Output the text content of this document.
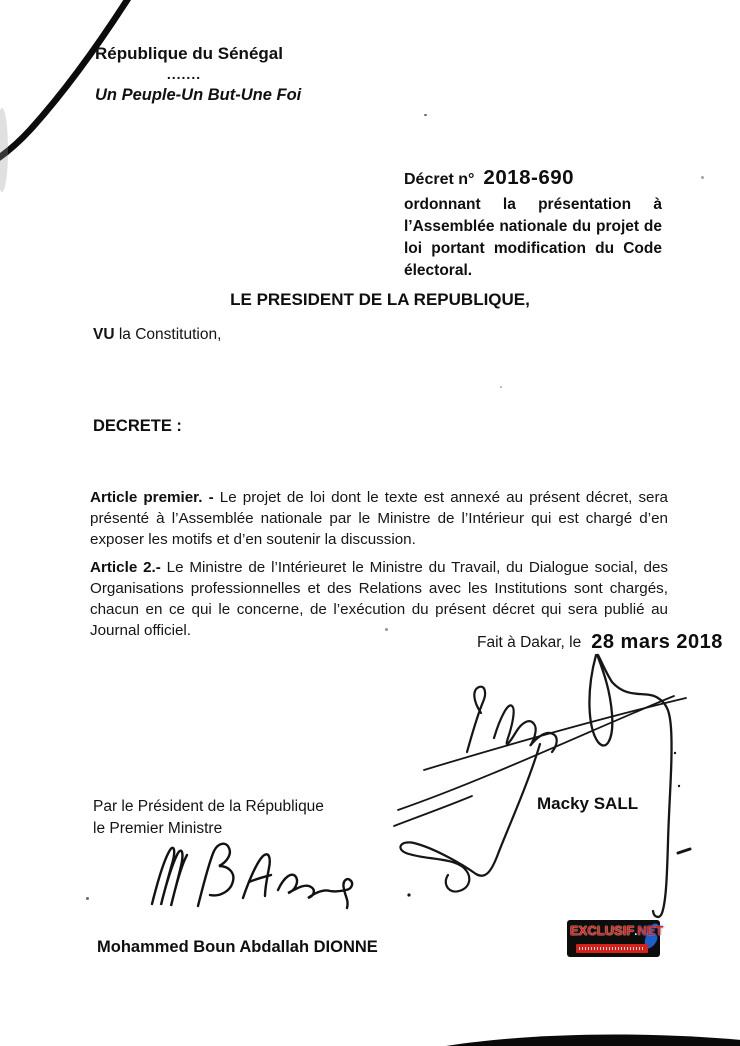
République du Sénégal
.......
Un Peuple-Un But-Une Foi
Décret n° 2018-690
ordonnant la présentation à l’Assemblée nationale du projet de loi portant modification du Code électoral.
LE PRESIDENT DE LA REPUBLIQUE,
VU la Constitution,
DECRETE :

Article premier. - Le projet de loi dont le texte est annexé au présent décret, sera présenté à l’Assemblée nationale par le Ministre de l’Intérieur qui est chargé d’en exposer les motifs et d’en soutenir la discussion.

Article 2.- Le Ministre de l’Intérieuret le Ministre du Travail, du Dialogue social, des Organisations professionnelles et des Relations avec les Institutions sont chargés, chacun en ce qui le concerne, de l’exécution du présent décret qui sera publié au Journal officiel.

Fait à Dakar, le 28 mars 2018
Macky SALL
Par le Président de la République
le Premier Ministre
Mohammed Boun Abdallah DIONNE
EXCLUSIF.NET
